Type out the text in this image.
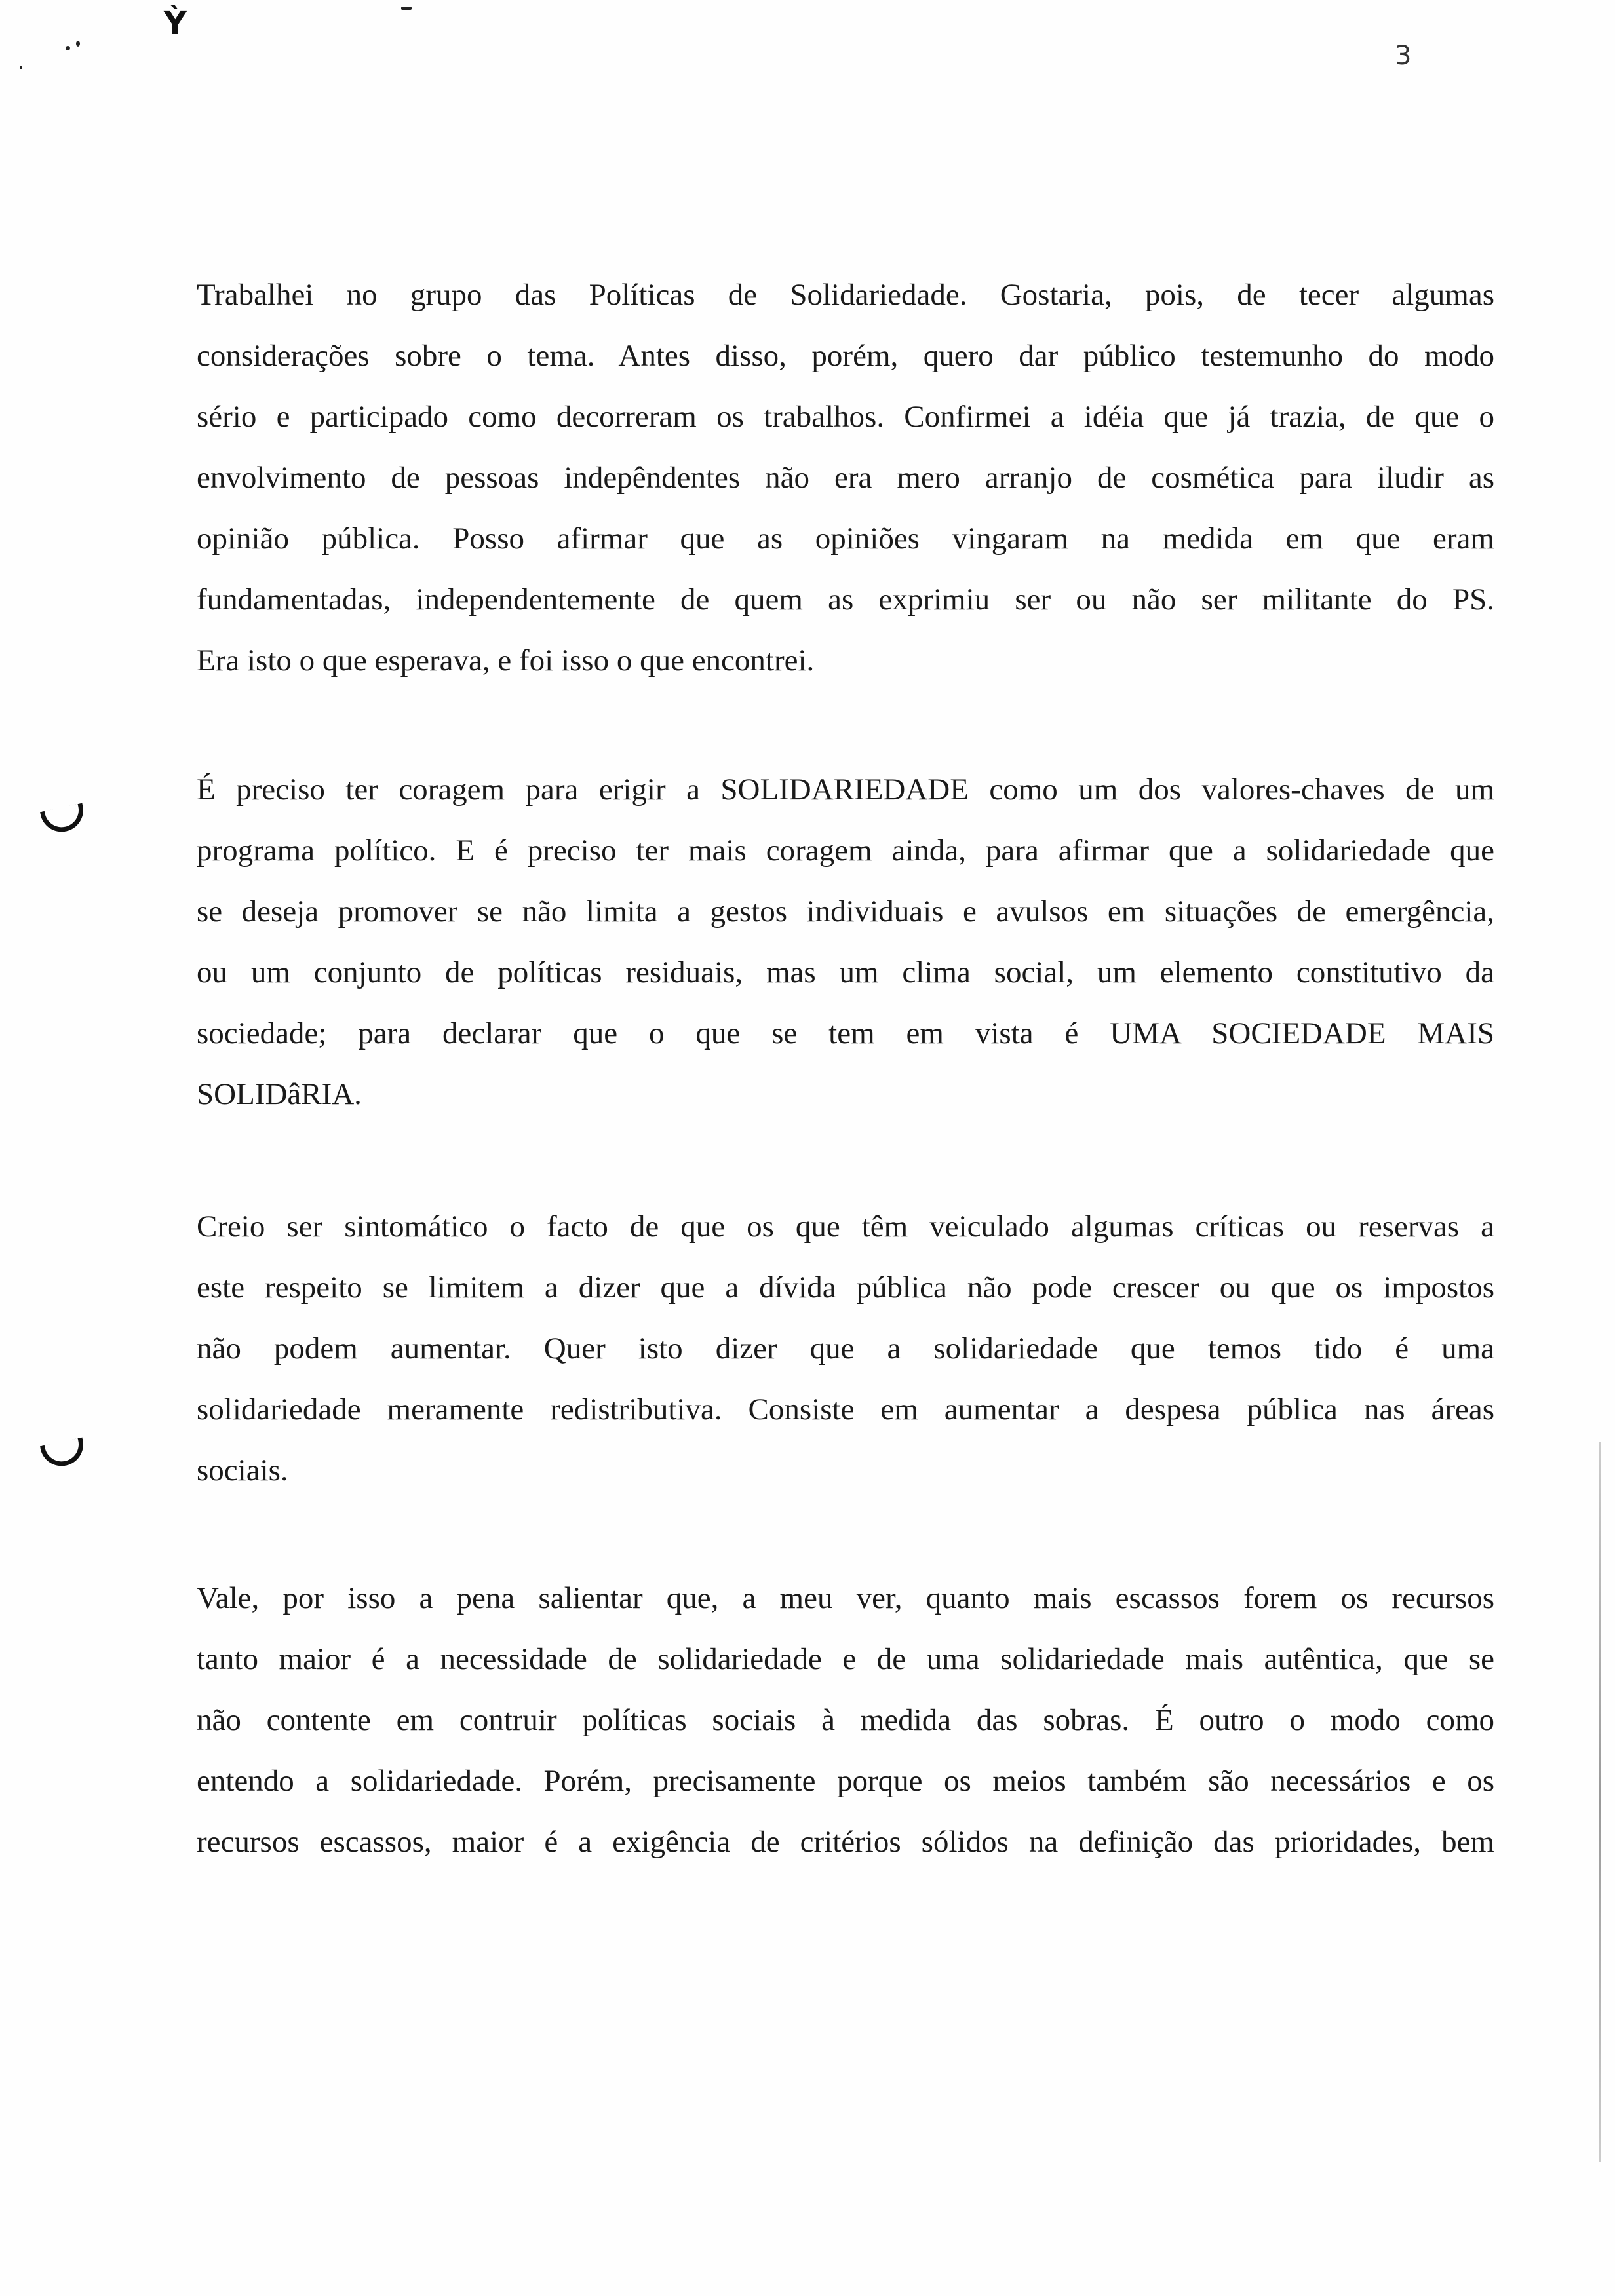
Ỳ
3
Trabalhei no grupo das Políticas de Solidariedade. Gostaria, pois, de tecer algumas
considerações sobre o tema. Antes disso, porém, quero dar público testemunho do modo
sério e participado como decorreram os trabalhos. Confirmei a idéia que já trazia, de que o
envolvimento de pessoas indepêndentes não era mero arranjo de cosmética para iludir as
opinião pública. Posso afirmar que as opiniões vingaram na medida em que eram
fundamentadas, independentemente de quem as exprimiu ser ou não ser militante do PS.
Era isto o que esperava, e foi isso o que encontrei.
É preciso ter coragem para erigir a SOLIDARIEDADE como um dos valores-chaves de um
programa político. E é preciso ter mais coragem ainda, para afirmar que a solidariedade que
se deseja promover se não limita a gestos individuais e avulsos em situações de emergência,
ou um conjunto de políticas residuais, mas um clima social, um elemento constitutivo da
sociedade; para declarar que o que se tem em vista é UMA SOCIEDADE MAIS
SOLIDâRIA.
Creio ser sintomático o facto de que os que têm veiculado algumas críticas ou reservas a
este respeito se limitem a dizer que a dívida pública não pode crescer ou que os impostos
não podem aumentar. Quer isto dizer que a solidariedade que temos tido é uma
solidariedade meramente redistributiva. Consiste em aumentar a despesa pública nas áreas
sociais.
Vale, por isso a pena salientar que, a meu ver, quanto mais escassos forem os recursos
tanto maior é a necessidade de solidariedade e de uma solidariedade mais autêntica, que se
não contente em contruir políticas sociais à medida das sobras. É outro o modo como
entendo a solidariedade. Porém, precisamente porque os meios também são necessários e os
recursos escassos, maior é a exigência de critérios sólidos na definição das prioridades, bem
